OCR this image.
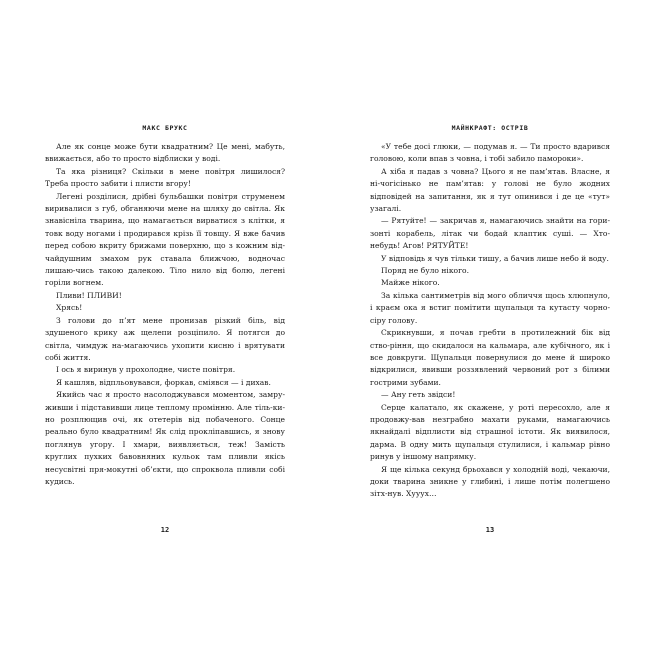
МАКС БРУКС

Але як сонце може бути квадратним? Це мені, мабуть, ввижається, або то просто відблиски у воді.

Та яка різниця? Скільки в мене повітря лишилося? Треба просто забити і плисти вгору!

Легені розділися, дрібні бульбашки повітря струменем виривалися з губ, обганяючи мене на шляху до світла. Як знавісніла тварина, що намагається вирватися з клітки, я товк воду ногами і продирався крізь її товщу. Я вже бачив перед собою вкриту брижами поверхню, що з кожним від-чайдушним змахом рук ставала ближчою, водночас лишаю-чись такою далекою. Тіло нило від болю, легені горіли вогнем.

Пливи! ПЛИВИ!

Хрясь!

З голови до п’ят мене пронизав різкий біль, від здушеного крику аж щелепи розціпило. Я потягся до світла, чимдуж на-магаючись ухопити кисню і врятувати собі життя.

І ось я виринув у прохолодне, чисте повітря.

Я кашляв, відпльовувався, форкав, сміявся — і дихав.

Якийсь час я просто насолоджувався моментом, замру-живши і підставивши лице теплому промінню. Але тіль-ки-но розплющив очі, як отетерів від побаченого. Сонце реально було квадратним! Як слід проклiпавшись, я знову поглянув угору. І хмари, виявляється, теж! Замість круглих пухких бавовняних кульок там пливли якісь несусвітні пря-мокутні об’єкти, що спроквола пливли собі кудись.

12
МАЙНКРАФТ: ОСТРІВ

«У тебе досі глюки, — подумав я. — Ти просто вдарився головою, коли впав з човна, і тобі забило памороки».

А хіба я падав з човна? Цього я не пам’ятав. Власне, я ні-чогісінько не пам’ятав: у голові не було жодних відповідей на запитання, як я тут опинився і де це «тут» узагалі.

— Рятуйте! — закричав я, намагаючись знайти на гори-зонті корабель, літак чи бодай клаптик суші. — Хто-небудь! Агов! РЯТУЙТЕ!

У відповідь я чув тільки тишу, а бачив лише небо й воду.

Поряд не було нікого.

Майже нікого.

За кілька сантиметрів від мого обличчя щось хлюпнуло, і краєм ока я встиг помітити щупальця та кутасту чорно-сіру голову.

Скрикнувши, я почав гребти в протилежний бік від ство-ріння, що скидалося на кальмара, але кубічного, як і все довкруги. Щупальця повернулися до мене й широко відкрилися, явивши роззявлений червоний рот з білими гострими зубами.

— Ану геть звідси!

Серце калатало, як скажене, у роті пересохло, але я продовжу-вав незграбно махати руками, намагаючись якнайдалі відплисти від страшної істоти. Як виявилося, дарма. В одну мить щупальця стулилися, і кальмар рівно ринув у іншому напрямку.

Я ще кілька секунд брьохався у холодній воді, чекаючи, доки тварина зникне у глибині, і лише потім полегшено зітх-нув. Хууух…

13
